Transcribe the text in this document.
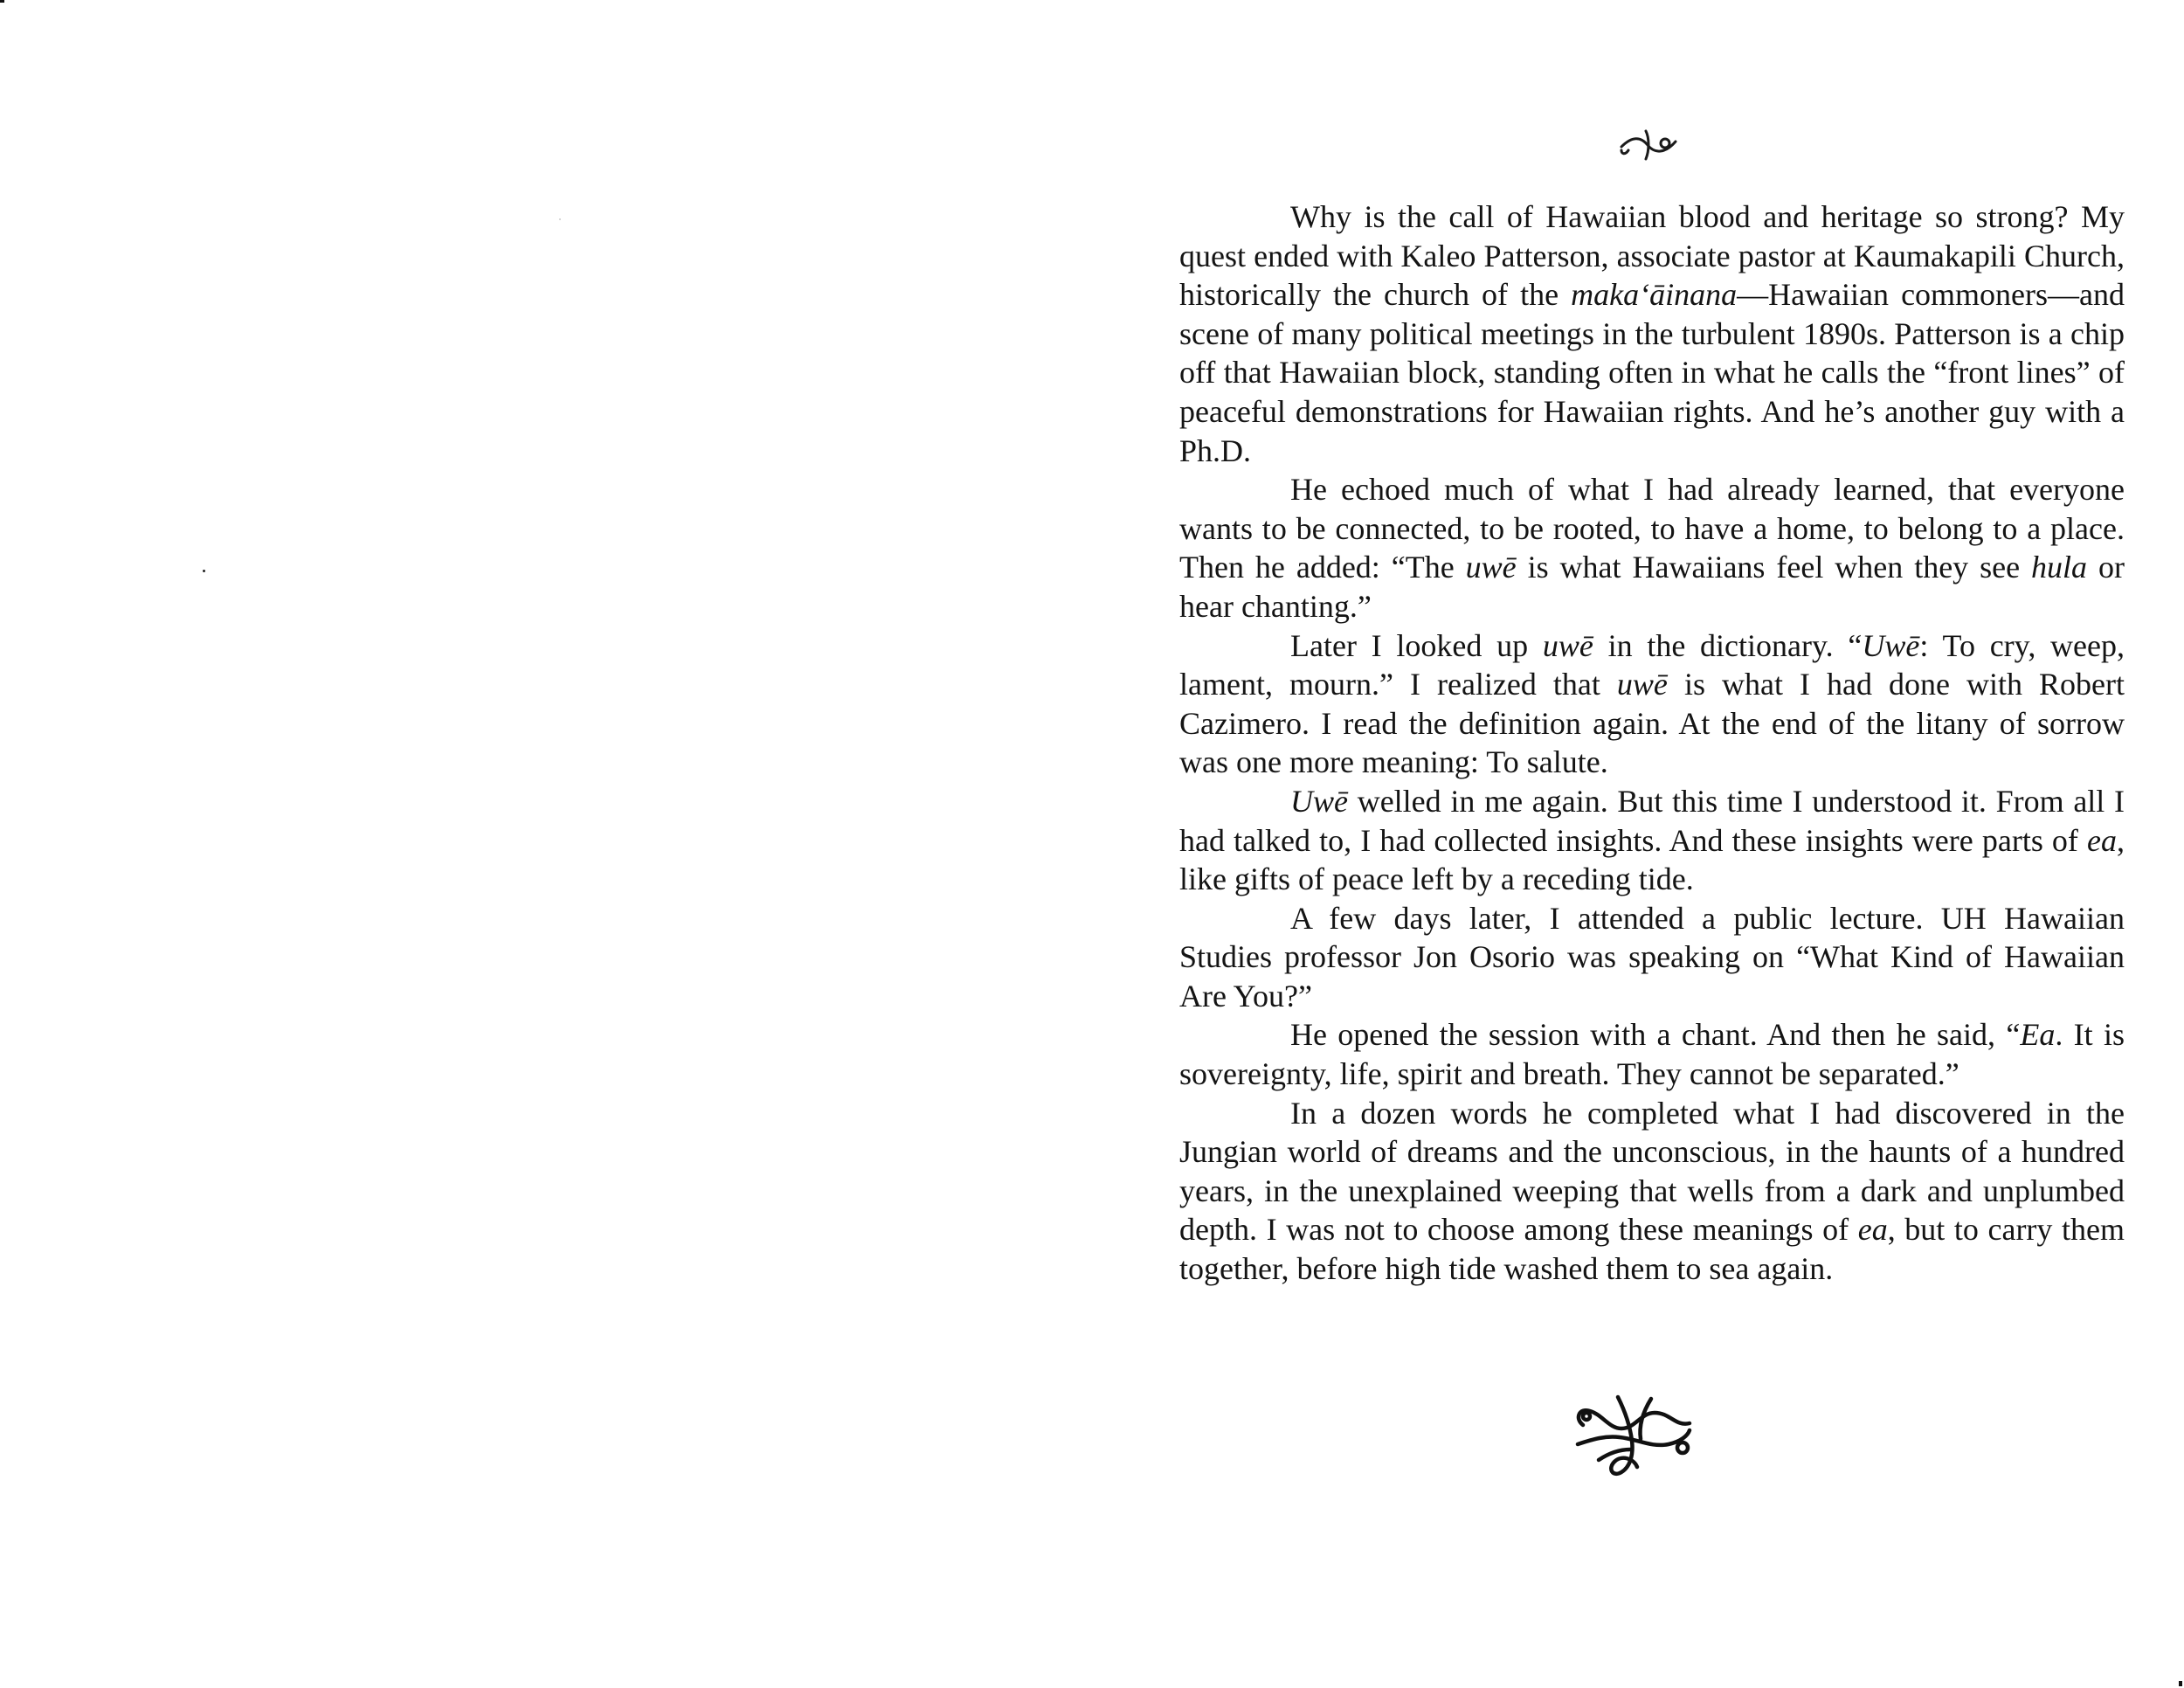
Why is the call of Hawaiian blood and heritage so strong? My quest ended with Kaleo Patterson, associate pastor at Kaumakapili Church, historically the church of the maka‘āinana—Hawaiian commoners—and scene of many political meetings in the turbulent 1890s. Patterson is a chip off that Hawaiian block, standing often in what he calls the “front lines” of peaceful demonstrations for Hawaiian rights. And he’s another guy with a Ph.D.

He echoed much of what I had already learned, that everyone wants to be connected, to be rooted, to have a home, to belong to a place. Then he added: “The uwē is what Hawaiians feel when they see hula or hear chanting.”

Later I looked up uwē in the dictionary. “Uwē: To cry, weep, lament, mourn.” I realized that uwē is what I had done with Robert Cazimero. I read the definition again. At the end of the litany of sorrow was one more meaning: To salute.

Uwē welled in me again. But this time I understood it. From all I had talked to, I had collected insights. And these insights were parts of ea, like gifts of peace left by a receding tide.

A few days later, I attended a public lecture. UH Hawaiian Studies professor Jon Osorio was speaking on “What Kind of Hawaiian Are You?”

He opened the session with a chant. And then he said, “Ea. It is sovereignty, life, spirit and breath. They cannot be separated.”

In a dozen words he completed what I had discovered in the Jungian world of dreams and the unconscious, in the haunts of a hundred years, in the unexplained weeping that wells from a dark and unplumbed depth. I was not to choose among these meanings of ea, but to carry them together, before high tide washed them to sea again.
